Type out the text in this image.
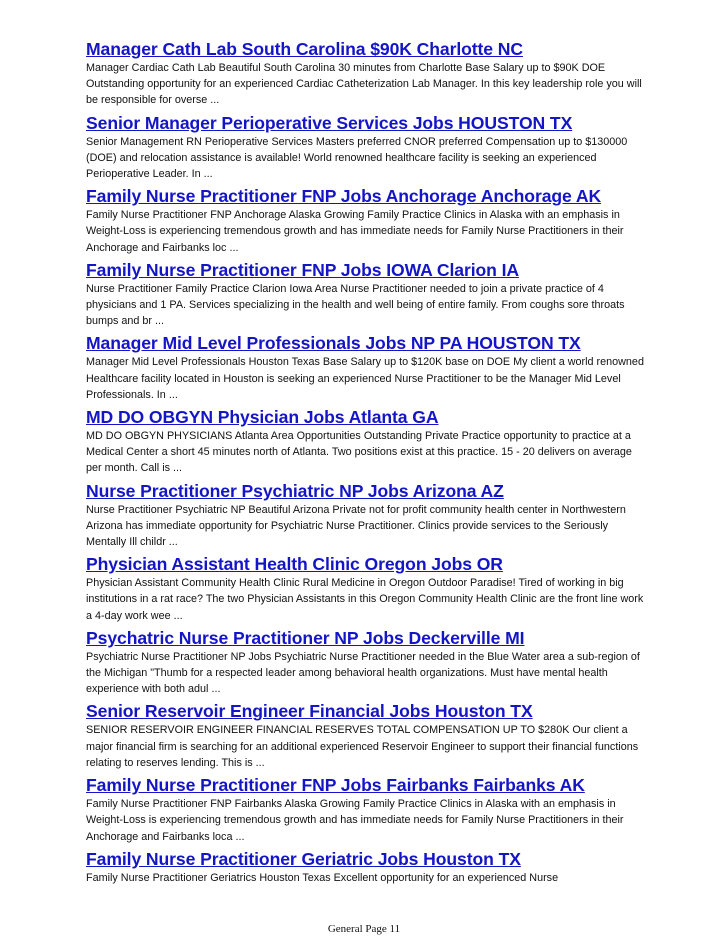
Manager Cath Lab South Carolina $90K Charlotte NC

Manager Cardiac Cath Lab Beautiful South Carolina 30 minutes from Charlotte Base Salary up to $90K DOE Outstanding opportunity for an experienced Cardiac Catheterization Lab Manager. In this key leadership role you will be responsible for overse ...

Senior Manager Perioperative Services Jobs HOUSTON TX

Senior Management RN Perioperative Services Masters preferred CNOR preferred Compensation up to $130000 (DOE) and relocation assistance is available! World renowned healthcare facility is seeking an experienced Perioperative Leader. In ...

Family Nurse Practitioner FNP Jobs Anchorage Anchorage AK

Family Nurse Practitioner FNP Anchorage Alaska Growing Family Practice Clinics in Alaska with an emphasis in Weight-Loss is experiencing tremendous growth and has immediate needs for Family Nurse Practitioners in their Anchorage and Fairbanks loc ...

Family Nurse Practitioner FNP Jobs IOWA Clarion IA

Nurse Practitioner Family Practice Clarion Iowa Area Nurse Practitioner needed to join a private practice of 4 physicians and 1 PA. Services specializing in the health and well being of entire family. From coughs sore throats bumps and br ...

Manager Mid Level Professionals Jobs NP PA HOUSTON TX

Manager Mid Level Professionals Houston Texas Base Salary up to $120K base on DOE My client a world renowned Healthcare facility located in Houston is seeking an experienced Nurse Practitioner to be the Manager Mid Level Professionals. In ...

MD DO OBGYN Physician Jobs Atlanta GA

MD DO OBGYN PHYSICIANS Atlanta Area Opportunities Outstanding Private Practice opportunity to practice at a Medical Center a short 45 minutes north of Atlanta. Two positions exist at this practice. 15 - 20 delivers on average per month. Call is ...

Nurse Practitioner Psychiatric NP Jobs Arizona AZ

Nurse Practitioner Psychiatric NP Beautiful Arizona Private not for profit community health center in Northwestern Arizona has immediate opportunity for Psychiatric Nurse Practitioner. Clinics provide services to the Seriously Mentally Ill childr ...

Physician Assistant Health Clinic Oregon Jobs OR

Physician Assistant Community Health Clinic Rural Medicine in Oregon Outdoor Paradise! Tired of working in big institutions in a rat race? The two Physician Assistants in this Oregon Community Health Clinic are the front line work a 4-day work wee ...

Psychatric Nurse Practitioner NP Jobs Deckerville MI

Psychiatric Nurse Practitioner NP Jobs Psychiatric Nurse Practitioner needed in the Blue Water area a sub-region of the Michigan "Thumb for a respected leader among behavioral health organizations. Must have mental health experience with both adul ...

Senior Reservoir Engineer Financial Jobs Houston TX

SENIOR RESERVOIR ENGINEER FINANCIAL RESERVES TOTAL COMPENSATION UP TO $280K Our client a major financial firm is searching for an additional experienced Reservoir Engineer to support their financial functions relating to reserves lending. This is ...

Family Nurse Practitioner FNP Jobs Fairbanks Fairbanks AK

Family Nurse Practitioner FNP Fairbanks Alaska Growing Family Practice Clinics in Alaska with an emphasis in Weight-Loss is experiencing tremendous growth and has immediate needs for Family Nurse Practitioners in their Anchorage and Fairbanks loca ...

Family Nurse Practitioner Geriatric Jobs Houston TX

Family Nurse Practitioner Geriatrics Houston Texas Excellent opportunity for an experienced Nurse

General Page 11
